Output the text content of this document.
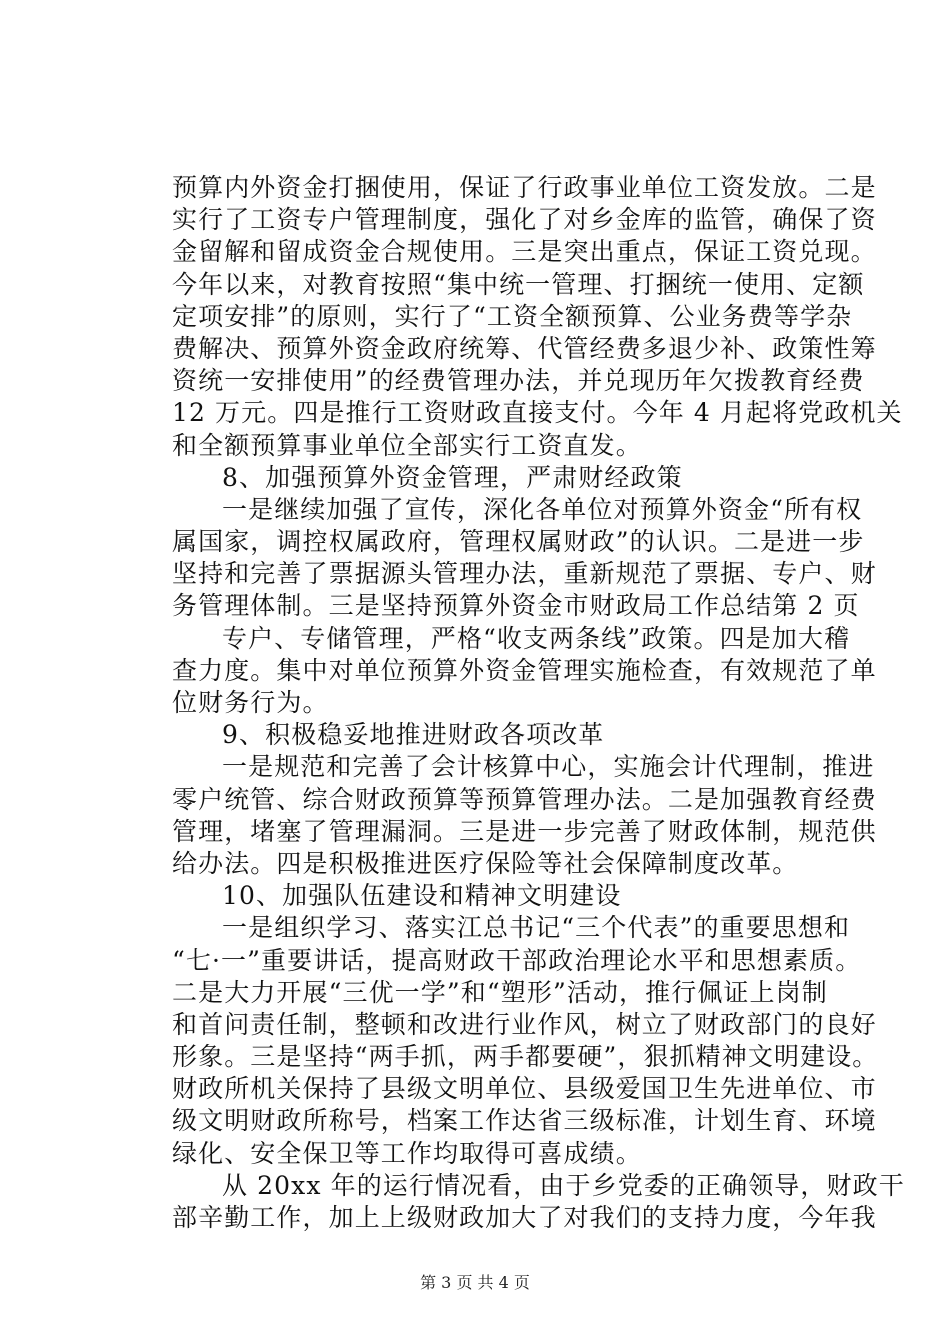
预算内外资金打捆使用，保证了行政事业单位工资发放。二是
实行了工资专户管理制度，强化了对乡金库的监管，确保了资
金留解和留成资金合规使用。三是突出重点，保证工资兑现。
今年以来，对教育按照“集中统一管理、打捆统一使用、定额
定项安排”的原则，实行了“工资全额预算、公业务费等学杂
费解决、预算外资金政府统筹、代管经费多退少补、政策性筹
资统一安排使用”的经费管理办法，并兑现历年欠拨教育经费
12 万元。四是推行工资财政直接支付。今年 4 月起将党政机关
和全额预算事业单位全部实行工资直发。
8、加强预算外资金管理，严肃财经政策
一是继续加强了宣传，深化各单位对预算外资金“所有权
属国家，调控权属政府，管理权属财政”的认识。二是进一步
坚持和完善了票据源头管理办法，重新规范了票据、专户、财
务管理体制。三是坚持预算外资金市财政局工作总结第 2 页
专户、专储管理，严格“收支两条线”政策。四是加大稽
查力度。集中对单位预算外资金管理实施检查，有效规范了单
位财务行为。
9、积极稳妥地推进财政各项改革
一是规范和完善了会计核算中心，实施会计代理制，推进
零户统管、综合财政预算等预算管理办法。二是加强教育经费
管理，堵塞了管理漏洞。三是进一步完善了财政体制，规范供
给办法。四是积极推进医疗保险等社会保障制度改革。
10、加强队伍建设和精神文明建设
一是组织学习、落实江总书记“三个代表”的重要思想和
“七·一”重要讲话，提高财政干部政治理论水平和思想素质。
二是大力开展“三优一学”和“塑形”活动，推行佩证上岗制
和首问责任制，整顿和改进行业作风，树立了财政部门的良好
形象。三是坚持“两手抓，两手都要硬”，狠抓精神文明建设。
财政所机关保持了县级文明单位、县级爱国卫生先进单位、市
级文明财政所称号，档案工作达省三级标准，计划生育、环境
绿化、安全保卫等工作均取得可喜成绩。
从 20xx 年的运行情况看，由于乡党委的正确领导，财政干
部辛勤工作，加上上级财政加大了对我们的支持力度，今年我
第 3 页 共 4 页
